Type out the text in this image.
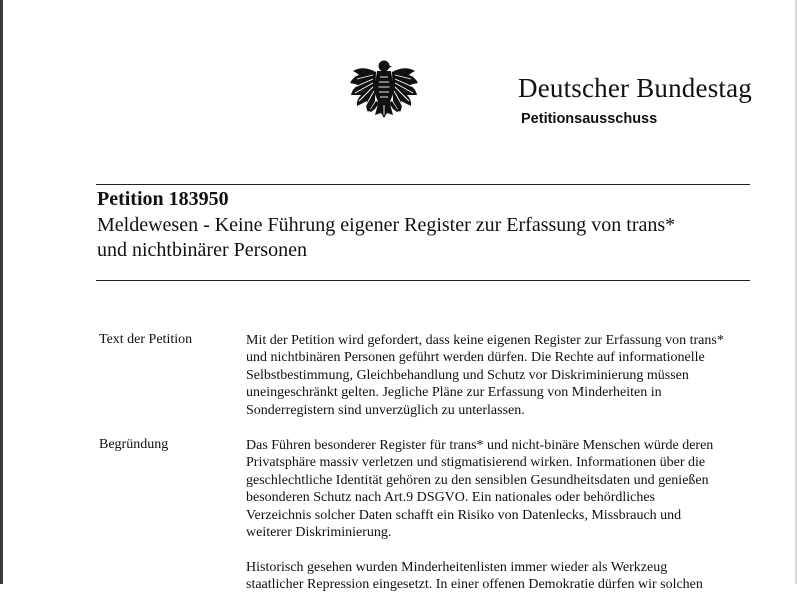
Deutscher Bundestag
Petitionsausschuss
Petition 183950
Meldewesen - Keine Führung eigener Register zur Erfassung von trans*
und nichtbinärer Personen
Text der Petition	Mit der Petition wird gefordert, dass keine eigenen Register zur Erfassung von trans*
und nichtbinären Personen geführt werden dürfen. Die Rechte auf informationelle
Selbstbestimmung, Gleichbehandlung und Schutz vor Diskriminierung müssen
uneingeschränkt gelten. Jegliche Pläne zur Erfassung von Minderheiten in
Sonderregistern sind unverzüglich zu unterlassen.
Begründung	Das Führen besonderer Register für trans* und nicht-binäre Menschen würde deren
Privatsphäre massiv verletzen und stigmatisierend wirken. Informationen über die
geschlechtliche Identität gehören zu den sensiblen Gesundheitsdaten und genießen
besonderen Schutz nach Art.9 DSGVO. Ein nationales oder behördliches
Verzeichnis solcher Daten schafft ein Risiko von Datenlecks, Missbrauch und
weiterer Diskriminierung.
Historisch gesehen wurden Minderheitenlisten immer wieder als Werkzeug
staatlicher Repression eingesetzt. In einer offenen Demokratie dürfen wir solchen
